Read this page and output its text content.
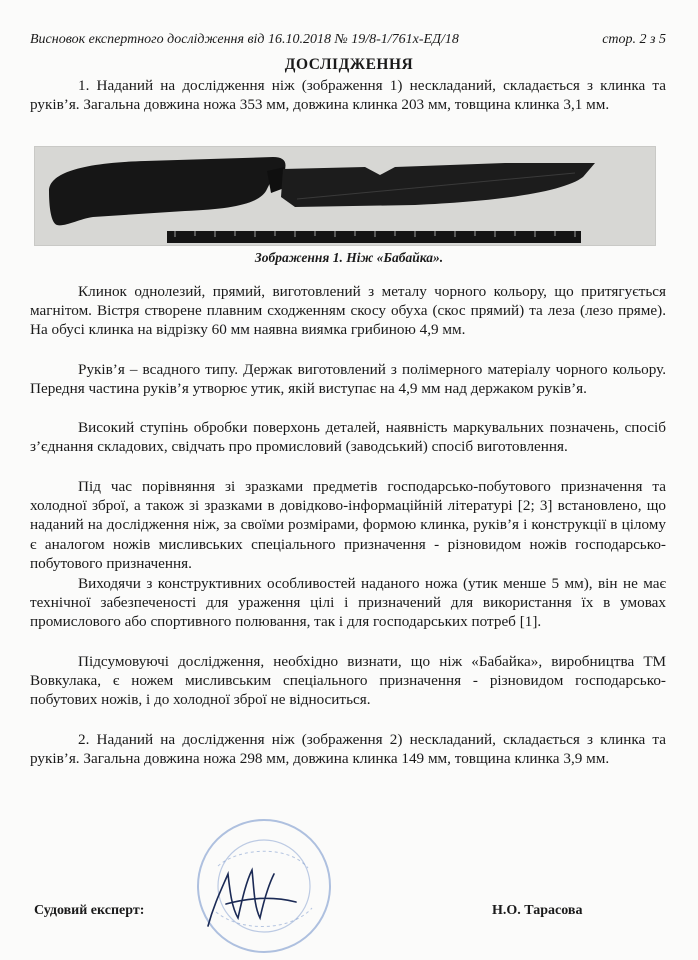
Висновок експертного дослідження від 16.10.2018 № 19/8-1/761х-ЕД/18	стор. 2 з 5
ДОСЛІДЖЕННЯ

1. Наданий на дослідження ніж (зображення 1) нескладаний, складається з клинка та руків’я. Загальна довжина ножа 353 мм, довжина клинка 203 мм, товщина клинка 3,1 мм.

Зображення 1. Ніж «Бабайка».

Клинок однолезий, прямий, виготовлений з металу чорного кольору, що притягується магнітом. Вістря створене плавним сходженням скосу обуха (скос прямий) та леза (лезо пряме). На обусі клинка на відрізку 60 мм наявна виямка грибиною 4,9 мм.

Руків’я – всадного типу. Держак виготовлений з полімерного матеріалу чорного кольору. Передня частина руків’я утворює утик, якій виступає на 4,9 мм над держаком руків’я.

Високий ступінь обробки поверхонь деталей, наявність маркувальних позначень, спосіб з’єднання складових, свідчать про промисловий (заводський) спосіб виготовлення.

Під час порівняння зі зразками предметів господарсько-побутового призначення та холодної зброї, а також зі зразками в довідково-інформаційній літературі [2; 3] встановлено, що наданий на дослідження ніж, за своїми розмірами, формою клинка, руків’я і конструкції в цілому є аналогом ножів мисливських спеціального призначення - різновидом ножів господарсько-побутового призначення.

Виходячи з конструктивних особливостей наданого ножа (утик менше 5 мм), він не має технічної забезпеченості для ураження цілі і призначений для використання їх в умовах промислового або спортивного полювання, так і для господарських потреб [1].

Підсумовуючі дослідження, необхідно визнати, що ніж «Бабайка», виробництва ТМ Вовкулака, є ножем мисливським спеціального призначення - різновидом господарсько-побутових ножів, і до холодної зброї не відноситься.

2. Наданий на дослідження ніж (зображення 2) нескладаний, складається з клинка та руків’я. Загальна довжина ножа 298 мм, довжина клинка 149 мм, товщина клинка 3,9 мм.

Судовий експерт:	Н.О. Тарасова
